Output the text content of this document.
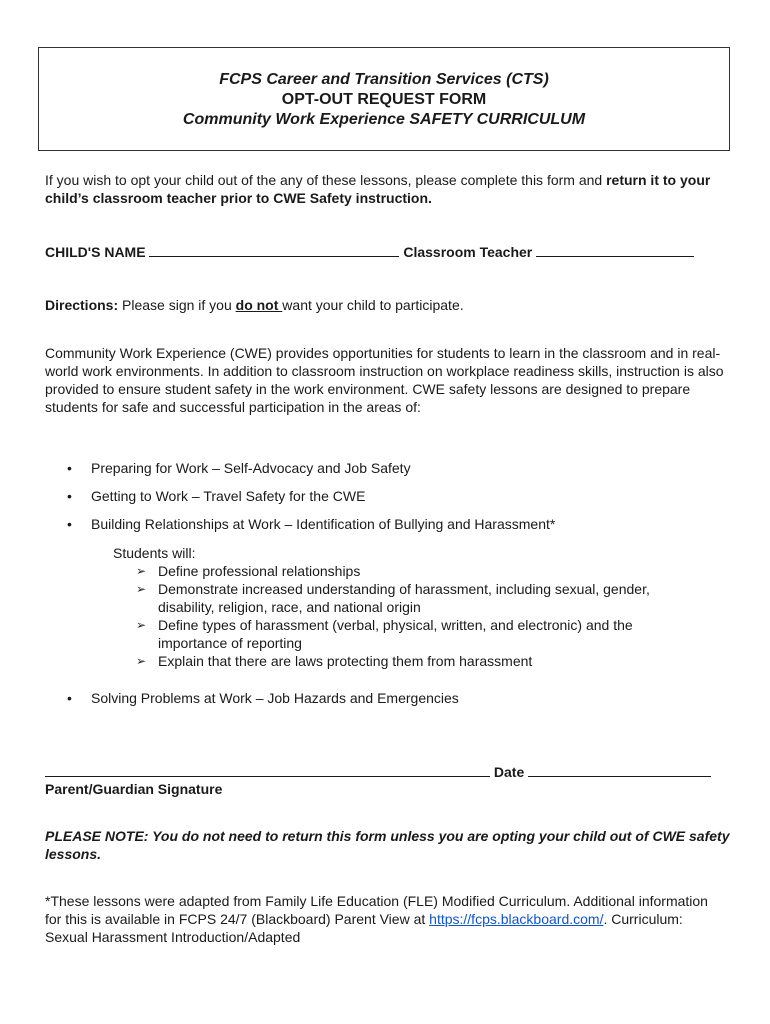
FCPS Career and Transition Services (CTS)
OPT-OUT REQUEST FORM
Community Work Experience SAFETY CURRICULUM
If you wish to opt your child out of the any of these lessons, please complete this form and return it to your child’s classroom teacher prior to CWE Safety instruction.
CHILD'S NAME	Classroom Teacher
Directions: Please sign if you do not want your child to participate.
Community Work Experience (CWE) provides opportunities for students to learn in the classroom and in real-world work environments. In addition to classroom instruction on workplace readiness skills, instruction is also provided to ensure student safety in the work environment. CWE safety lessons are designed to prepare students for safe and successful participation in the areas of:
• Preparing for Work – Self-Advocacy and Job Safety
• Getting to Work – Travel Safety for the CWE
• Building Relationships at Work – Identification of Bullying and Harassment*
Students will:
➢ Define professional relationships
➢ Demonstrate increased understanding of harassment, including sexual, gender, disability, religion, race, and national origin
➢ Define types of harassment (verbal, physical, written, and electronic) and the importance of reporting
➢ Explain that there are laws protecting them from harassment
• Solving Problems at Work – Job Hazards and Emergencies
Date
Parent/Guardian Signature
PLEASE NOTE: You do not need to return this form unless you are opting your child out of CWE safety lessons.
*These lessons were adapted from Family Life Education (FLE) Modified Curriculum. Additional information for this is available in FCPS 24/7 (Blackboard) Parent View at https://fcps.blackboard.com/. Curriculum: Sexual Harassment Introduction/Adapted
